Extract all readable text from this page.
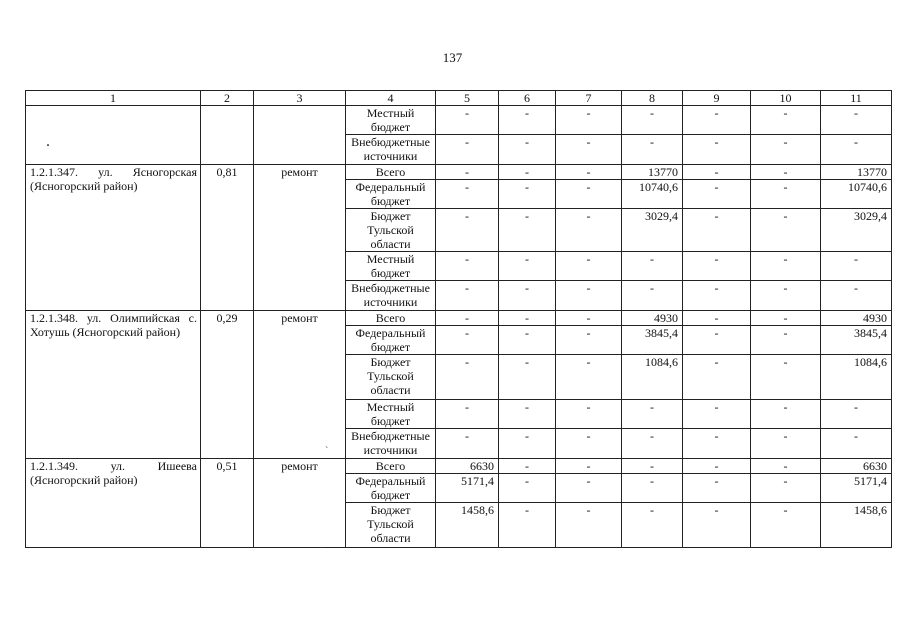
137
1	2	3	4	5	6	7	8	9	10	11
			Местный бюджет	-	-	-	-	-	-	-
			Внебюджетные источники	-	-	-	-	-	-	-
1.2.1.347. ул. Ясногорская (Ясногорский район)	0,81	ремонт	Всего	-	-	-	13770	-	-	13770
			Федеральный бюджет	-	-	-	10740,6	-	-	10740,6
			Бюджет Тульской области	-	-	-	3029,4	-	-	3029,4
			Местный бюджет	-	-	-	-	-	-	-
			Внебюджетные источники	-	-	-	-	-	-	-
1.2.1.348. ул. Олимпийская с. Хотушь (Ясногорский район)	0,29	ремонт	Всего	-	-	-	4930	-	-	4930
			Федеральный бюджет	-	-	-	3845,4	-	-	3845,4
			Бюджет Тульской области	-	-	-	1084,6	-	-	1084,6
			Местный бюджет	-	-	-	-	-	-	-
			Внебюджетные источники	-	-	-	-	-	-	-
1.2.1.349. ул. Ишеева (Ясногорский район)	0,51	ремонт	Всего	6630	-	-	-	-	-	6630
			Федеральный бюджет	5171,4	-	-	-	-	-	5171,4
			Бюджет Тульской области	1458,6	-	-	-	-	-	1458,6
·
`
-
